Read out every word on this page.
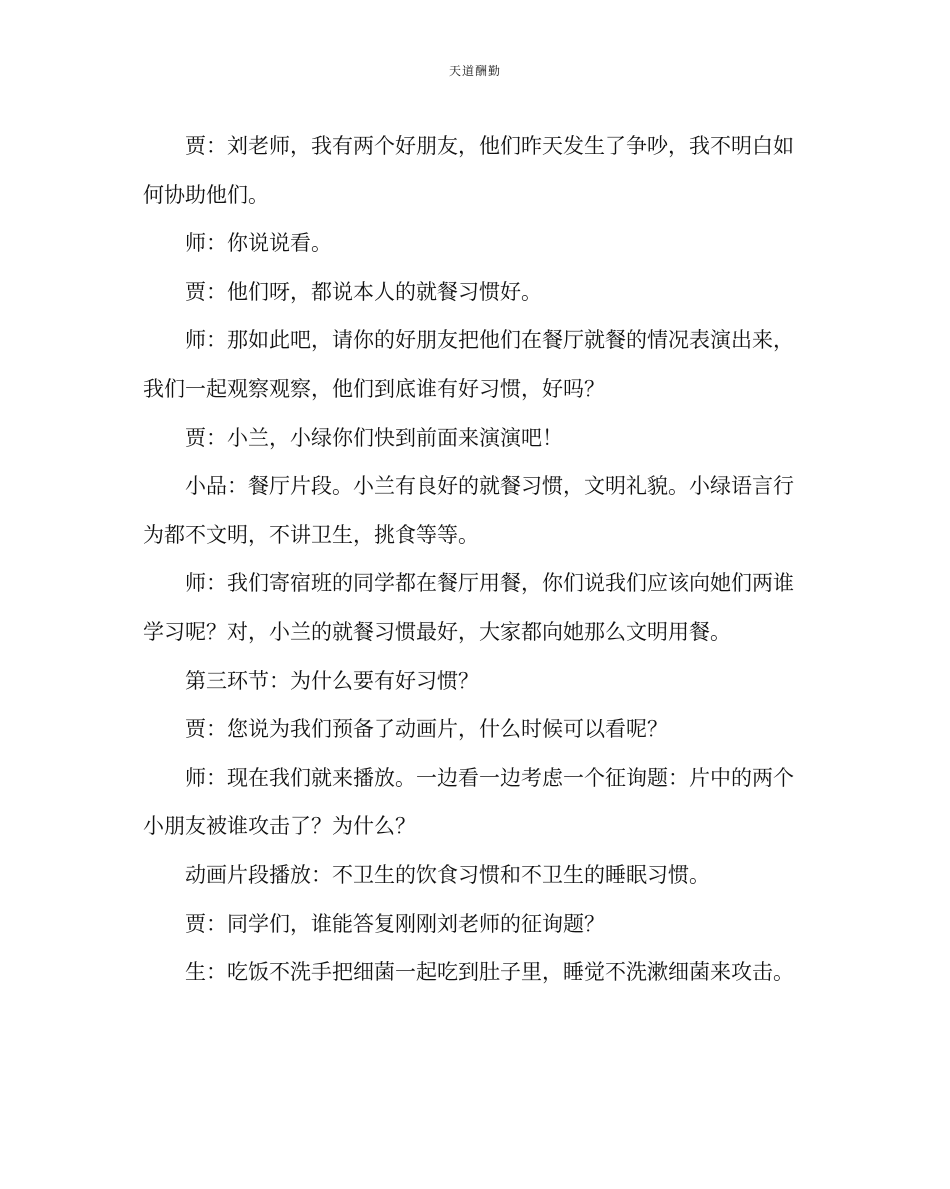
天道酬勤

贾：刘老师，我有两个好朋友，他们昨天发生了争吵，我不明白如何协助他们。

师：你说说看。

贾：他们呀，都说本人的就餐习惯好。

师：那如此吧，请你的好朋友把他们在餐厅就餐的情况表演出来，我们一起观察观察，他们到底谁有好习惯，好吗？

贾：小兰，小绿你们快到前面来演演吧！

小品：餐厅片段。小兰有良好的就餐习惯，文明礼貌。小绿语言行为都不文明，不讲卫生，挑食等等。

师：我们寄宿班的同学都在餐厅用餐，你们说我们应该向她们两谁学习呢？对，小兰的就餐习惯最好，大家都向她那么文明用餐。

第三环节：为什么要有好习惯？

贾：您说为我们预备了动画片，什么时候可以看呢？

师：现在我们就来播放。一边看一边考虑一个征询题：片中的两个小朋友被谁攻击了？为什么？

动画片段播放：不卫生的饮食习惯和不卫生的睡眠习惯。

贾：同学们，谁能答复刚刚刘老师的征询题？

生：吃饭不洗手把细菌一起吃到肚子里，睡觉不洗漱细菌来攻击。
